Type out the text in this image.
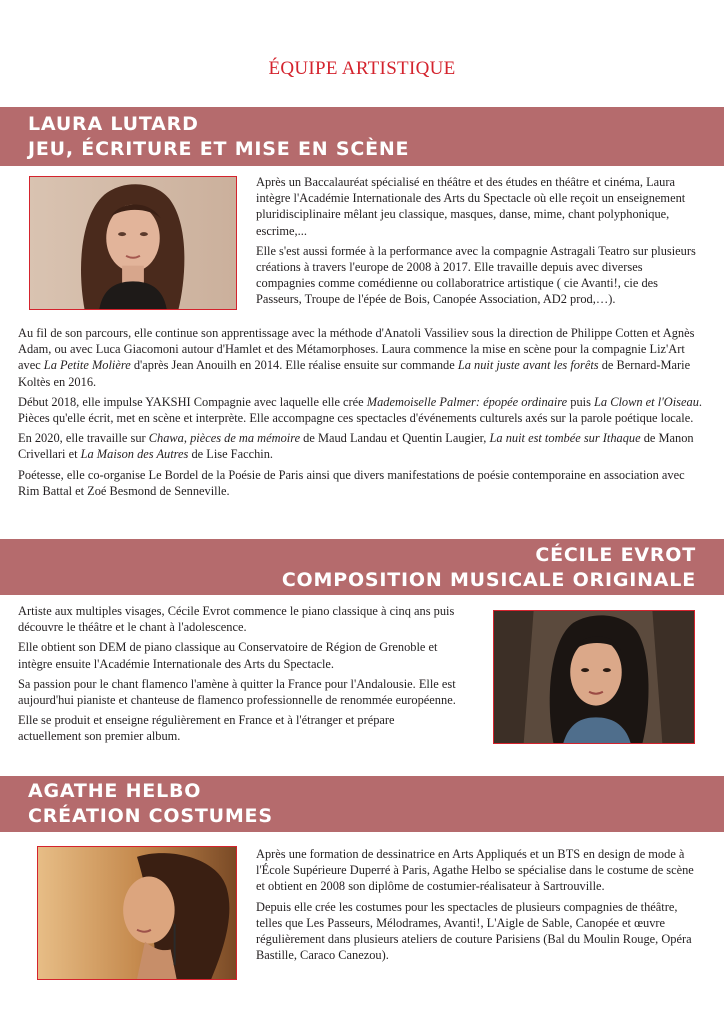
ÉQUIPE ARTISTIQUE
LAURA LUTARD
JEU, ÉCRITURE ET MISE EN SCÈNE

Après un Baccalauréat spécialisé en théâtre et des études en théâtre et cinéma, Laura intègre l'Académie Internationale des Arts du Spectacle où elle reçoit un enseignement pluridisciplinaire mêlant jeu classique, masques, danse, mime, chant polyphonique, escrime,...

Elle s'est aussi formée à la performance avec la compagnie Astragali Teatro sur plusieurs créations à travers l'europe de 2008 à 2017. Elle travaille depuis avec diverses compagnies comme comédienne ou collaboratrice artistique ( cie Avanti!, cie des Passeurs, Troupe de l'épée de Bois, Canopée Association, AD2 prod,…).

Au fil de son parcours, elle continue son apprentissage avec la méthode d'Anatoli Vassiliev sous la direction de Philippe Cotten et Agnès Adam, ou avec Luca Giacomoni autour d'Hamlet et des Métamorphoses. Laura commence la mise en scène pour la compagnie Liz'Art avec La Petite Molière d'après Jean Anouilh en 2014. Elle réalise ensuite sur commande La nuit juste avant les forêts de Bernard-Marie Koltès en 2016.

Début 2018, elle impulse YAKSHI Compagnie avec laquelle elle crée Mademoiselle Palmer: épopée ordinaire puis La Clown et l'Oiseau. Pièces qu'elle écrit, met en scène et interprète. Elle accompagne ces spectacles d'événements culturels axés sur la parole poétique locale.

En 2020, elle travaille sur Chawa, pièces de ma mémoire de Maud Landau et Quentin Laugier, La nuit est tombée sur Ithaque de Manon Crivellari et La Maison des Autres de Lise Facchin.

Poétesse, elle co-organise Le Bordel de la Poésie de Paris ainsi que divers manifestations de poésie contemporaine en association avec Rim Battal et Zoé Besmond de Senneville.

CÉCILE EVROT
COMPOSITION MUSICALE ORIGINALE

Artiste aux multiples visages, Cécile Evrot commence le piano classique à cinq ans puis découvre le théâtre et le chant à l'adolescence.

Elle obtient son DEM de piano classique au Conservatoire de Région de Grenoble et intègre ensuite l'Académie Internationale des Arts du Spectacle.

Sa passion pour le chant flamenco l'amène à quitter la France pour l'Andalousie. Elle est aujourd'hui pianiste et chanteuse de flamenco professionnelle de renommée européenne.

Elle se produit et enseigne régulièrement en France et à l'étranger et prépare actuellement son premier album.

AGATHE HELBO
CRÉATION COSTUMES

Après une formation de dessinatrice en Arts Appliqués et un BTS en design de mode à l'École Supérieure Duperré à Paris, Agathe Helbo se spécialise dans le costume de scène et obtient en 2008 son diplôme de costumier-réalisateur à Sartrouville.

Depuis elle crée les costumes pour les spectacles de plusieurs compagnies de théâtre, telles que Les Passeurs, Mélodrames, Avanti!, L'Aigle de Sable, Canopée et œuvre régulièrement dans plusieurs ateliers de couture Parisiens (Bal du Moulin Rouge, Opéra Bastille, Caraco Canezou).
